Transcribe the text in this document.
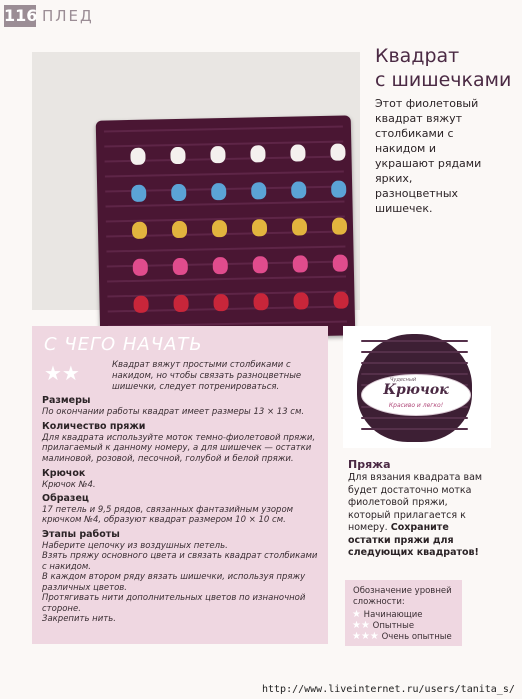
116 ПЛЕД
Квадрат
с шишечками
Этот фиолетовый квадрат вяжут столбиками с накидом и украшают рядами ярких, разноцветных шишечек.
С ЧЕГО НАЧАТЬ
★★	Квадрат вяжут простыми столбиками с накидом, но чтобы связать разноцветные шишечки, следует потренироваться.
Размеры
По окончании работы квадрат имеет размеры 13 × 13 см.
Количество пряжи
Для квадрата используйте моток темно-фиолетовой пряжи, прилагаемый к данному номеру, а для шишечек — остатки малиновой, розовой, песочной, голубой и белой пряжи.
Крючок
Крючок №4.
Образец
17 петель и 9,5 рядов, связанных фантазийным узором крючком №4, образуют квадрат размером 10 × 10 см.
Этапы работы
Наберите цепочку из воздушных петель.
Взять пряжу основного цвета и связать квадрат столбиками с накидом.
В каждом втором ряду вязать шишечки, используя пряжу различных цветов.
Протягивать нити дополнительных цветов по изнаночной стороне.
Закрепить нить.
Чудесный
Крючок
Красиво и легко!
Пряжа
Для вязания квадрата вам будет достаточно мотка фиолетовой пряжи, который прилагается к номеру. Сохраните остатки пряжи для следующих квадратов!
Обозначение уровней сложности:
★ Начинающие
★★ Опытные
★★★ Очень опытные
http://www.liveinternet.ru/users/tanita_s/
